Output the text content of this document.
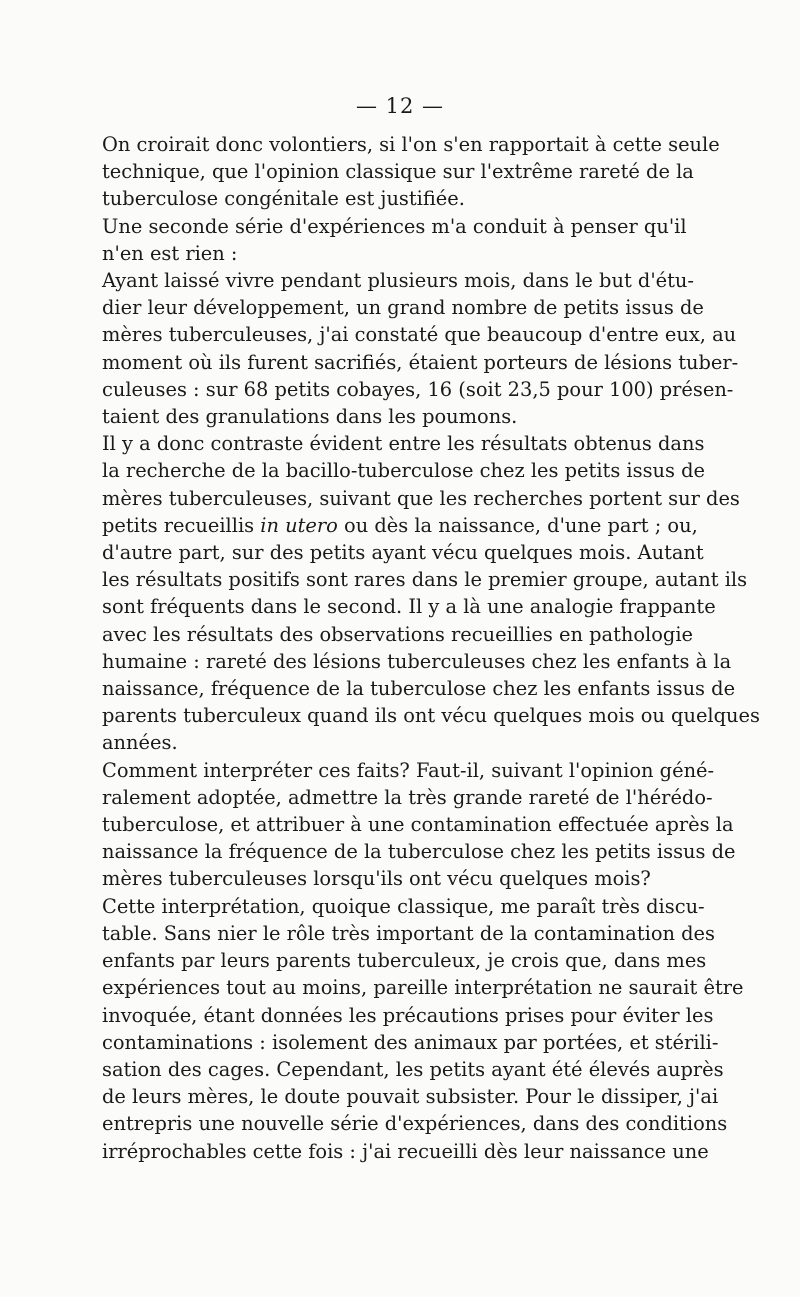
— 12 —

On croirait donc volontiers, si l'on s'en rapportait à cette seule
technique, que l'opinion classique sur l'extrême rareté de la
tuberculose congénitale est justifiée.

Une seconde série d'expériences m'a conduit à penser qu'il
n'en est rien :

Ayant laissé vivre pendant plusieurs mois, dans le but d'étu-
dier leur développement, un grand nombre de petits issus de
mères tuberculeuses, j'ai constaté que beaucoup d'entre eux, au
moment où ils furent sacrifiés, étaient porteurs de lésions tuber-
culeuses : sur 68 petits cobayes, 16 (soit 23,5 pour 100) présen-
taient des granulations dans les poumons.

Il y a donc contraste évident entre les résultats obtenus dans
la recherche de la bacillo-tuberculose chez les petits issus de
mères tuberculeuses, suivant que les recherches portent sur des
petits recueillis in utero ou dès la naissance, d'une part ; ou,
d'autre part, sur des petits ayant vécu quelques mois. Autant
les résultats positifs sont rares dans le premier groupe, autant ils
sont fréquents dans le second. Il y a là une analogie frappante
avec les résultats des observations recueillies en pathologie
humaine : rareté des lésions tuberculeuses chez les enfants à la
naissance, fréquence de la tuberculose chez les enfants issus de
parents tuberculeux quand ils ont vécu quelques mois ou quelques
années.

Comment interpréter ces faits? Faut-il, suivant l'opinion géné-
ralement adoptée, admettre la très grande rareté de l'hérédo-
tuberculose, et attribuer à une contamination effectuée après la
naissance la fréquence de la tuberculose chez les petits issus de
mères tuberculeuses lorsqu'ils ont vécu quelques mois?

Cette interprétation, quoique classique, me paraît très discu-
table. Sans nier le rôle très important de la contamination des
enfants par leurs parents tuberculeux, je crois que, dans mes
expériences tout au moins, pareille interprétation ne saurait être
invoquée, étant données les précautions prises pour éviter les
contaminations : isolement des animaux par portées, et stérili-
sation des cages. Cependant, les petits ayant été élevés auprès
de leurs mères, le doute pouvait subsister. Pour le dissiper, j'ai
entrepris une nouvelle série d'expériences, dans des conditions
irréprochables cette fois : j'ai recueilli dès leur naissance une
